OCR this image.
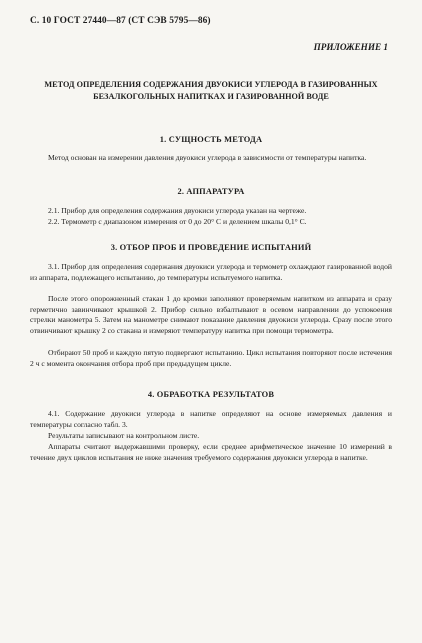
С. 10 ГОСТ 27440—87 (СТ СЭВ 5795—86)
ПРИЛОЖЕНИЕ 1
МЕТОД ОПРЕДЕЛЕНИЯ СОДЕРЖАНИЯ ДВУОКИСИ УГЛЕРОДА В ГАЗИРОВАННЫХ БЕЗАЛКОГОЛЬНЫХ НАПИТКАХ И ГАЗИРОВАННОЙ ВОДЕ
1. СУЩНОСТЬ МЕТОДА
Метод основан на измерении давления двуокиси углерода в зависимости от температуры напитка.
2. АППАРАТУРА
2.1. Прибор для определения содержания двуокиси углерода указан на чертеже.
2.2. Термометр с диапазоном измерения от 0 до 20° С и делением шкалы 0,1° С.
3. ОТБОР ПРОБ И ПРОВЕДЕНИЕ ИСПЫТАНИЙ
3.1. Прибор для определения содержания двуокиси углерода и термометр охлаждают газированной водой из аппарата, подлежащего испытанию, до температуры испытуемого напитка.
После этого опорожненный стакан 1 до кромки заполняют проверяемым напитком из аппарата и сразу герметично завинчивают крышкой 2. Прибор сильно взбалтывают в осевом направлении до успокоения стрелки манометра 5. Затем на манометре снимают показание давления двуокиси углерода. Сразу после этого отвинчивают крышку 2 со стакана и измеряют температуру напитка при помощи термометра.
Отбирают 50 проб и каждую пятую подвергают испытанию. Цикл испытания повторяют после истечения 2 ч с момента окончания отбора проб при предыдущем цикле.
4. ОБРАБОТКА РЕЗУЛЬТАТОВ
4.1. Содержание двуокиси углерода в напитке определяют на основе измеряемых давления и температуры согласно табл. 3.
Результаты записывают на контрольном листе.
Аппараты считают выдержавшими проверку, если среднее арифметическое значение 10 измерений в течение двух циклов испытания не ниже значения требуемого содержания двуокиси углерода в напитке.
